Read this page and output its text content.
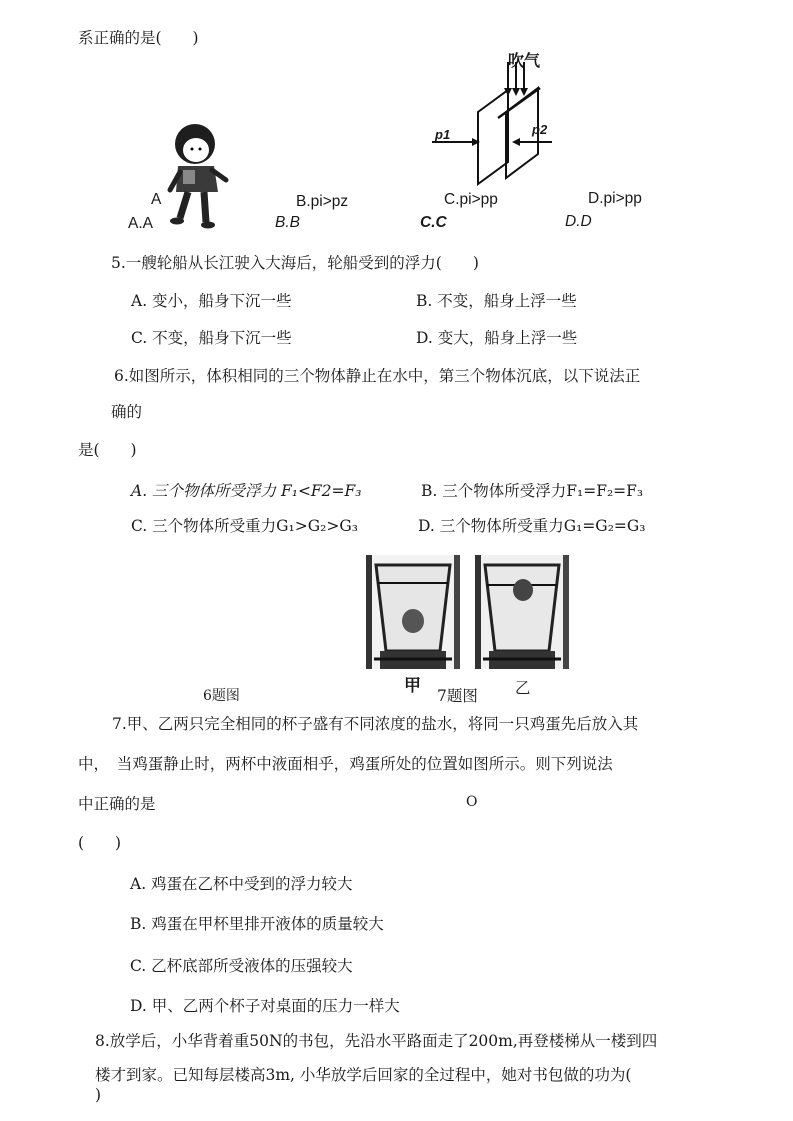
系正确的是(　　)
吹气
p1	p2
A	B.pi>pz	C.pi>pp	D.pi>pp
A.A	B.B	C.C	D.D
5.一艘轮船从长江驶入大海后，轮船受到的浮力(　　)
A. 变小，船身下沉一些	B. 不变，船身上浮一些
C. 不变，船身下沉一些	D. 变大，船身上浮一些
6.如图所示，体积相同的三个物体静止在水中，第三个物体沉底，以下说法正
确的
是(　　)
A. 三个物体所受浮力 F₁<F2=F₃	B. 三个物体所受浮力F₁=F₂=F₃
C. 三个物体所受重力G₁>G₂>G₃	D. 三个物体所受重力G₁=G₂=G₃
6题图	甲 7题图 乙
7.甲、乙两只完全相同的杯子盛有不同浓度的盐水，将同一只鸡蛋先后放入其
中，　当鸡蛋静止时，两杯中液面相乎，鸡蛋所处的位置如图所示。则下列说法
中正确的是	Ο
(　　)
A. 鸡蛋在乙杯中受到的浮力较大
B. 鸡蛋在甲杯里排开液体的质量较大
C. 乙杯底部所受液体的压强较大
D. 甲、乙两个杯子对桌面的压力一样大
8.放学后，小华背着重50N的书包，先沿水平路面走了200m,再登楼梯从一楼到四
楼才到家。已知每层楼高3m, 小华放学后回家的全过程中，她对书包做的功为(
)
